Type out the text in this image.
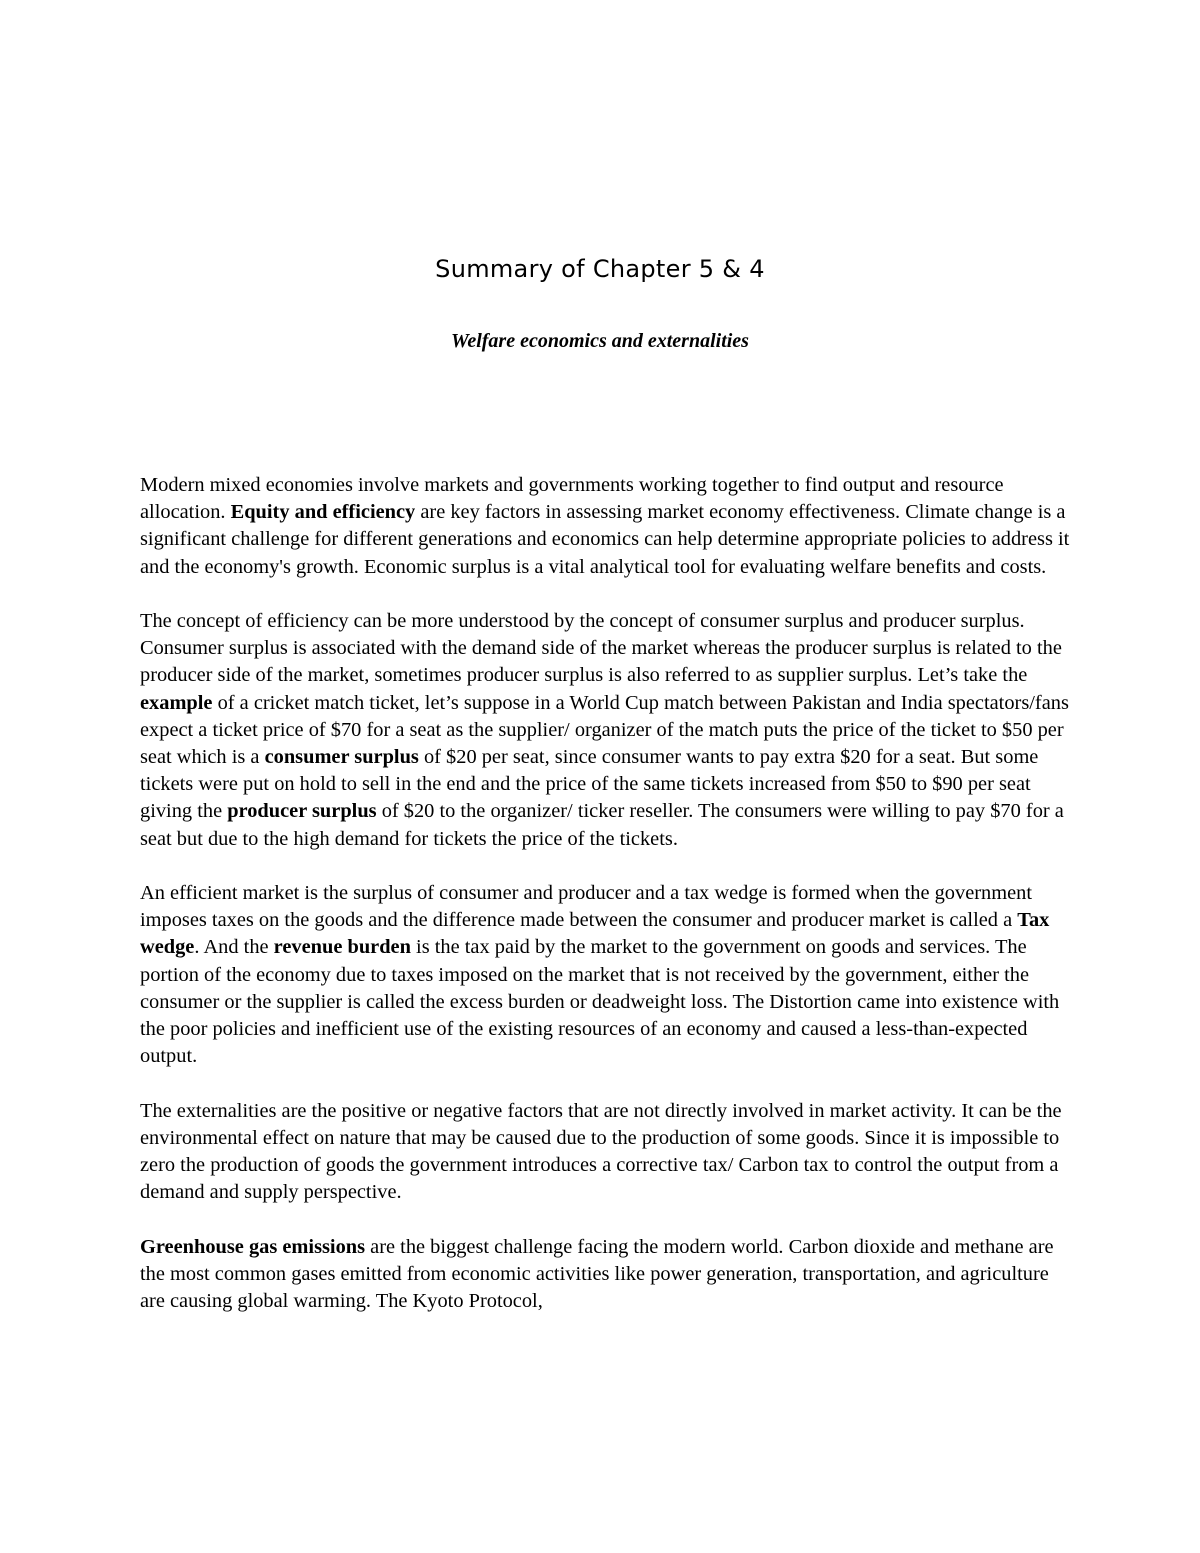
Summary of Chapter 5 & 4
Welfare economics and externalities

Modern mixed economies involve markets and governments working together to find output and resource allocation. Equity and efficiency are key factors in assessing market economy effectiveness. Climate change is a significant challenge for different generations and economics can help determine appropriate policies to address it and the economy's growth. Economic surplus is a vital analytical tool for evaluating welfare benefits and costs.

The concept of efficiency can be more understood by the concept of consumer surplus and producer surplus. Consumer surplus is associated with the demand side of the market whereas the producer surplus is related to the producer side of the market, sometimes producer surplus is also referred to as supplier surplus. Let’s take the example of a cricket match ticket, let’s suppose in a World Cup match between Pakistan and India spectators/fans expect a ticket price of $70 for a seat as the supplier/ organizer of the match puts the price of the ticket to $50 per seat which is a consumer surplus of $20 per seat, since consumer wants to pay extra $20 for a seat. But some tickets were put on hold to sell in the end and the price of the same tickets increased from $50 to $90 per seat giving the producer surplus of $20 to the organizer/ ticker reseller. The consumers were willing to pay $70 for a seat but due to the high demand for tickets the price of the tickets.

An efficient market is the surplus of consumer and producer and a tax wedge is formed when the government imposes taxes on the goods and the difference made between the consumer and producer market is called a Tax wedge. And the revenue burden is the tax paid by the market to the government on goods and services. The portion of the economy due to taxes imposed on the market that is not received by the government, either the consumer or the supplier is called the excess burden or deadweight loss. The Distortion came into existence with the poor policies and inefficient use of the existing resources of an economy and caused a less-than-expected output.

The externalities are the positive or negative factors that are not directly involved in market activity. It can be the environmental effect on nature that may be caused due to the production of some goods. Since it is impossible to zero the production of goods the government introduces a corrective tax/ Carbon tax to control the output from a demand and supply perspective.

Greenhouse gas emissions are the biggest challenge facing the modern world. Carbon dioxide and methane are the most common gases emitted from economic activities like power generation, transportation, and agriculture are causing global warming. The Kyoto Protocol,
